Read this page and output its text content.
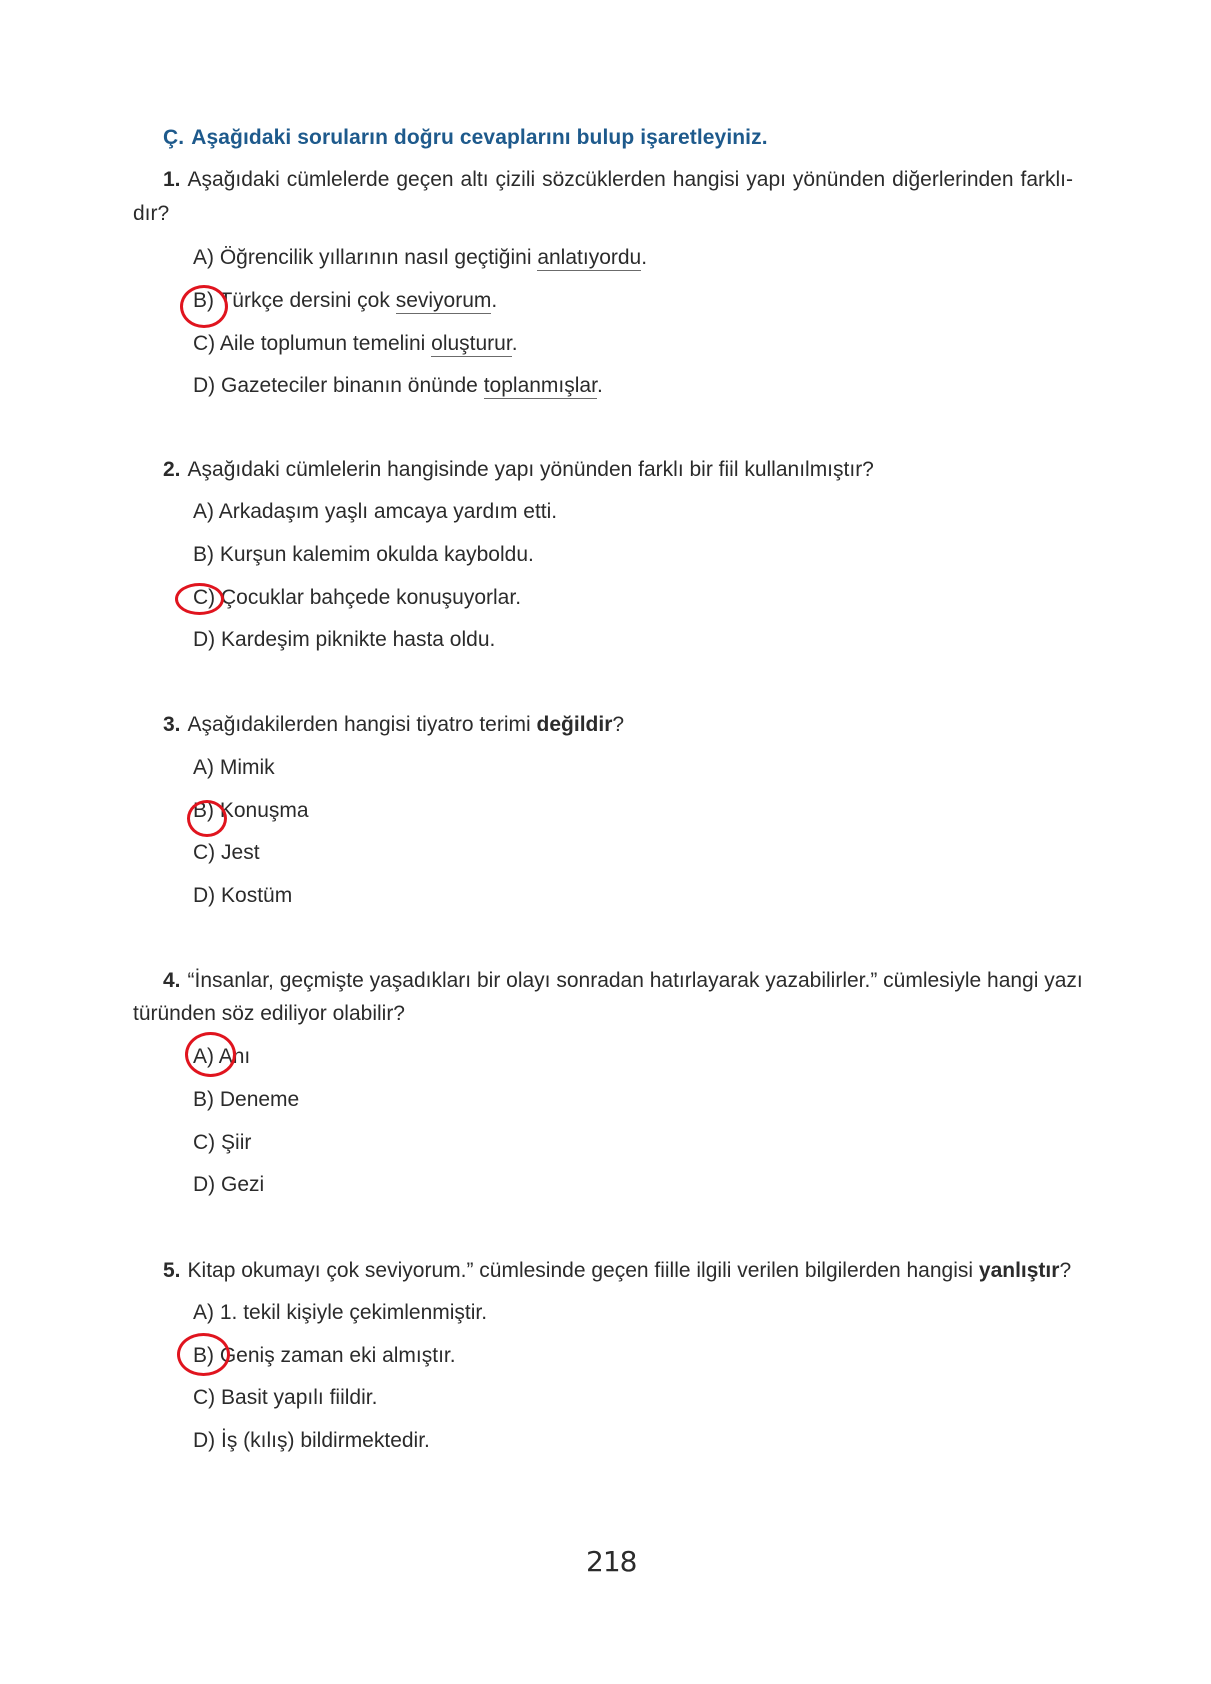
Ç. Aşağıdaki soruların doğru cevaplarını bulup işaretleyiniz.
1. Aşağıdaki cümlelerde geçen altı çizili sözcüklerden hangisi yapı yönünden diğerlerinden farklı-
dır?
A) Öğrencilik yıllarının nasıl geçtiğini anlatıyordu.
B) Türkçe dersini çok seviyorum.
C) Aile toplumun temelini oluşturur.
D) Gazeteciler binanın önünde toplanmışlar.
2. Aşağıdaki cümlelerin hangisinde yapı yönünden farklı bir fiil kullanılmıştır?
A) Arkadaşım yaşlı amcaya yardım etti.
B) Kurşun kalemim okulda kayboldu.
C) Çocuklar bahçede konuşuyorlar.
D) Kardeşim piknikte hasta oldu.
3. Aşağıdakilerden hangisi tiyatro terimi değildir?
A) Mimik
B) Konuşma
C) Jest
D) Kostüm
4. “İnsanlar, geçmişte yaşadıkları bir olayı sonradan hatırlayarak yazabilirler.” cümlesiyle hangi yazı
türünden söz ediliyor olabilir?
A) Anı
B) Deneme
C) Şiir
D) Gezi
5. Kitap okumayı çok seviyorum.” cümlesinde geçen fiille ilgili verilen bilgilerden hangisi yanlıştır?
A) 1. tekil kişiyle çekimlenmiştir.
B) Geniş zaman eki almıştır.
C) Basit yapılı fiildir.
D) İş (kılış) bildirmektedir.
218
